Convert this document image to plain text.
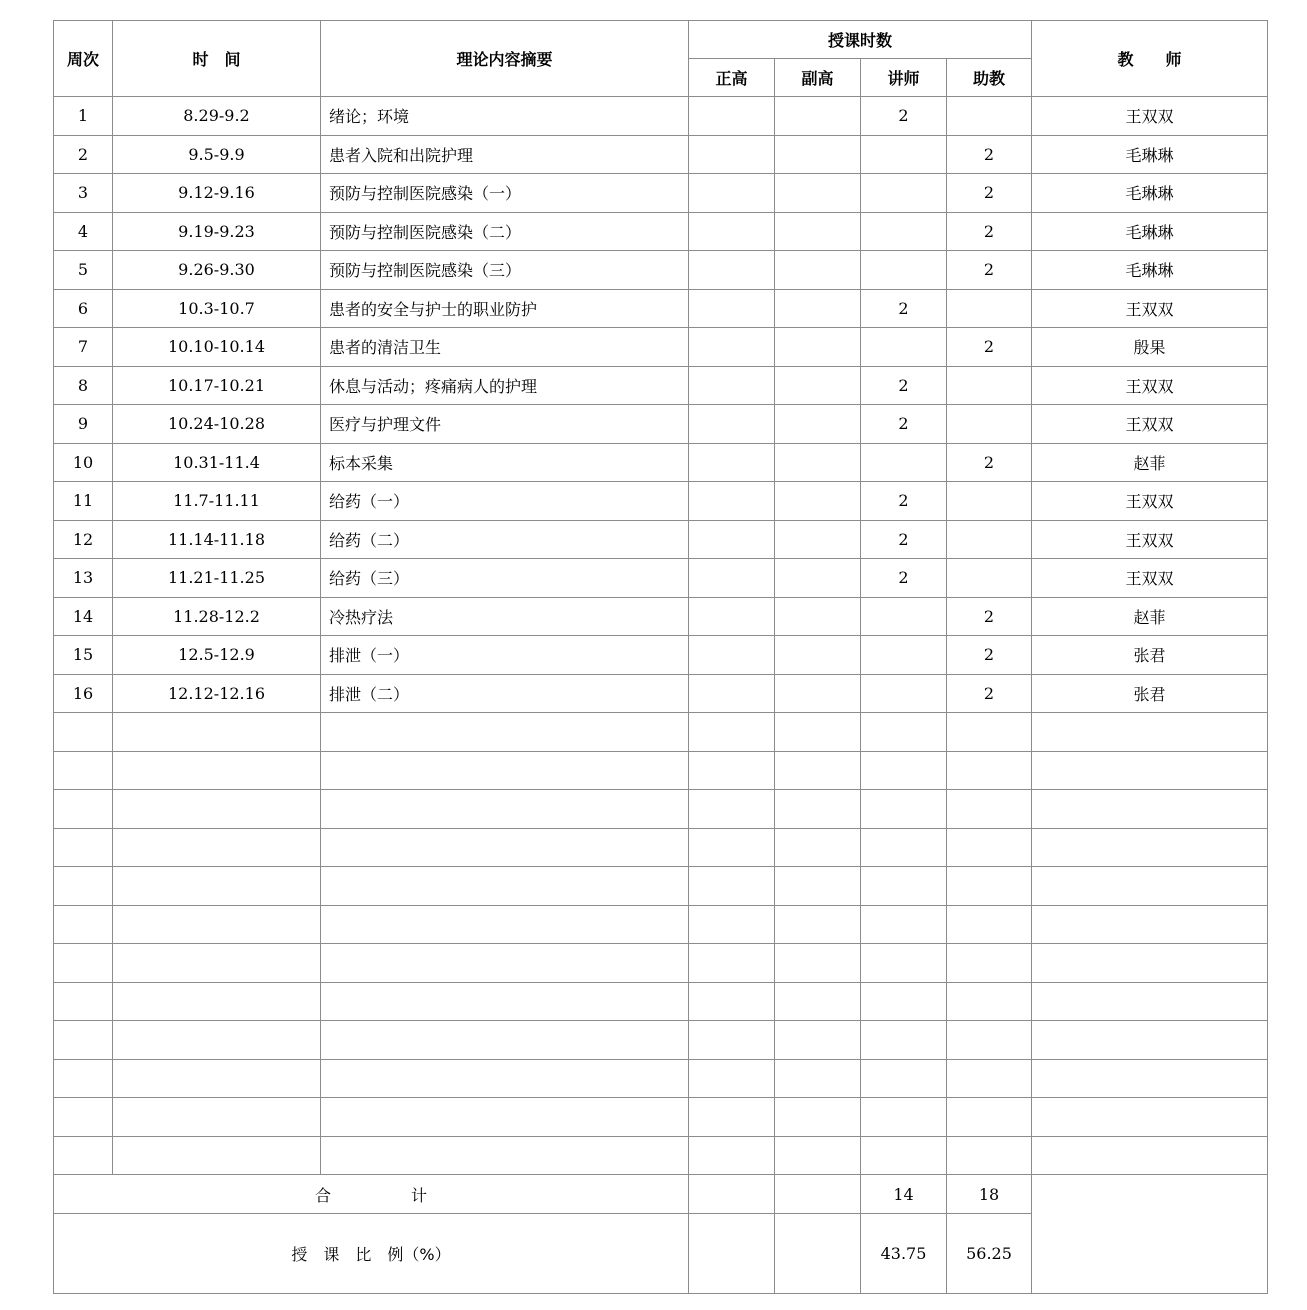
周次	时　间	理论内容摘要	授课时数				教　　师
			正高	副高	讲师	助教	
1	8.29-9.2	绪论；环境			2		王双双
2	9.5-9.9	患者入院和出院护理				2	毛琳琳
3	9.12-9.16	预防与控制医院感染（一）				2	毛琳琳
4	9.19-9.23	预防与控制医院感染（二）				2	毛琳琳
5	9.26-9.30	预防与控制医院感染（三）				2	毛琳琳
6	10.3-10.7	患者的安全与护士的职业防护			2		王双双
7	10.10-10.14	患者的清洁卫生				2	殷果
8	10.17-10.21	休息与活动；疼痛病人的护理			2		王双双
9	10.24-10.28	医疗与护理文件			2		王双双
10	10.31-11.4	标本采集				2	赵菲
11	11.7-11.11	给药（一）			2		王双双
12	11.14-11.18	给药（二）			2		王双双
13	11.21-11.25	给药（三）			2		王双双
14	11.28-12.2	冷热疗法				2	赵菲
15	12.5-12.9	排泄（一）				2	张君
16	12.12-12.16	排泄（二）				2	张君

合　　　　　计					14	18	
授　课　比　例（%）					43.75	56.25	
